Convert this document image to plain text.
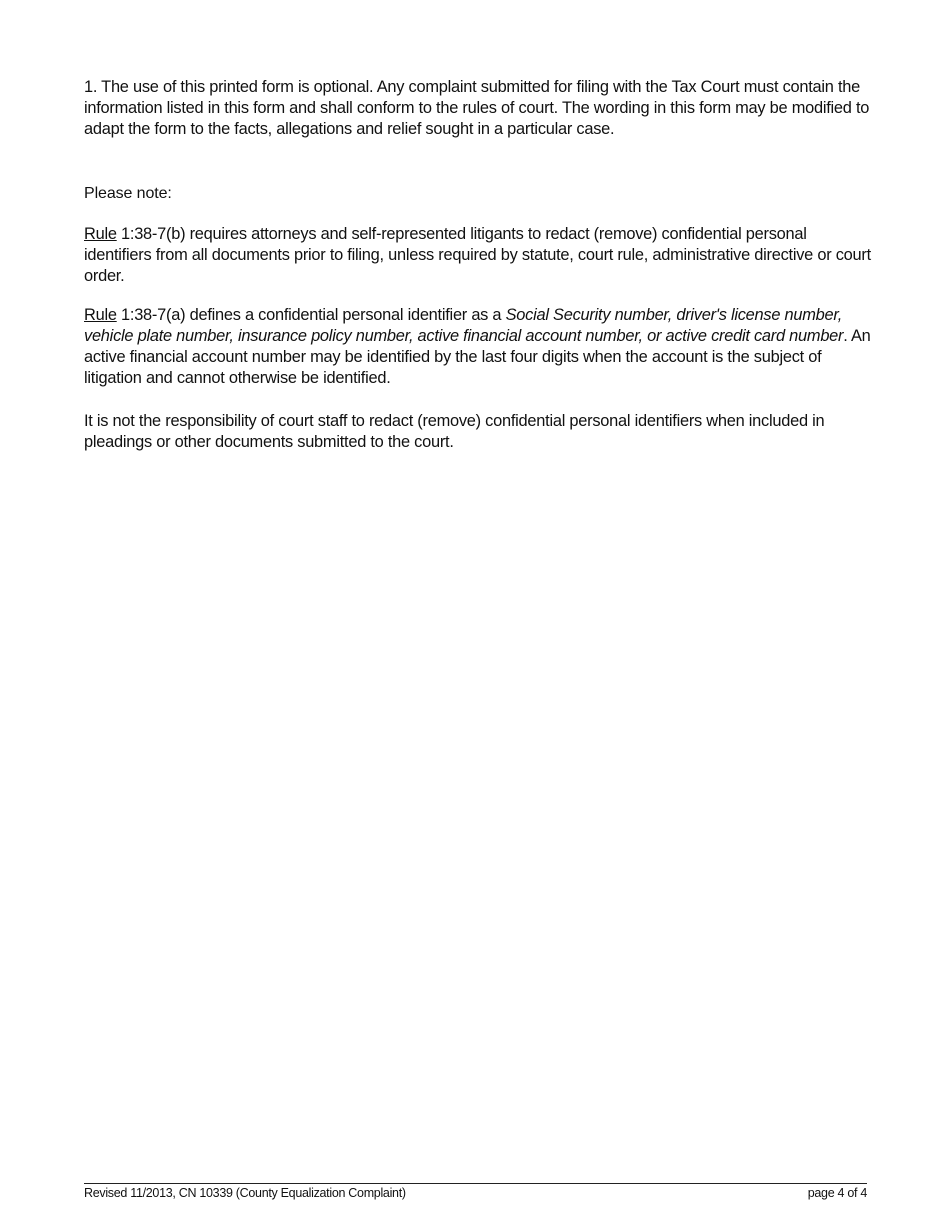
1. The use of this printed form is optional. Any complaint submitted for filing with the Tax Court must contain the information listed in this form and shall conform to the rules of court. The wording in this form may be modified to adapt the form to the facts, allegations and relief sought in a particular case.

Please note:

Rule 1:38-7(b) requires attorneys and self-represented litigants to redact (remove) confidential personal identifiers from all documents prior to filing, unless required by statute, court rule, administrative directive or court order.

Rule 1:38-7(a) defines a confidential personal identifier as a Social Security number, driver's license number, vehicle plate number, insurance policy number, active financial account number, or active credit card number. An active financial account number may be identified by the last four digits when the account is the subject of litigation and cannot otherwise be identified.

It is not the responsibility of court staff to redact (remove) confidential personal identifiers when included in pleadings or other documents submitted to the court.

Revised 11/2013, CN 10339 (County Equalization Complaint)	page 4 of 4
